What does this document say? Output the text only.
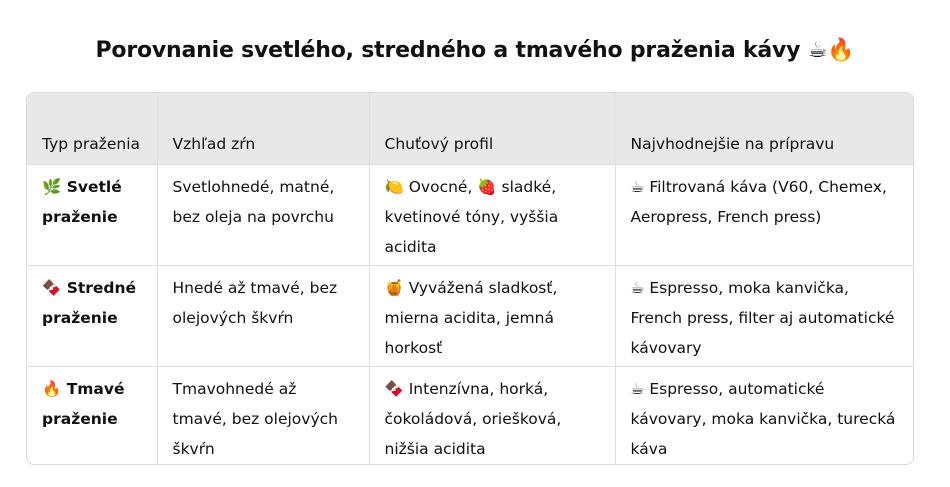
Porovnanie svetlého, stredného a tmavého praženia kávy ☕🔥
Typ praženia	Vzhľad zŕn	Chuťový profil	Najvhodnejšie na prípravu
🌿 Svetlé praženie	Svetlohnedé, matné, bez oleja na povrchu	🍋 Ovocné, 🍓 sladké, kvetinové tóny, vyššia acidita	☕ Filtrovaná káva (V60, Chemex, Aeropress, French press)
🍫 Stredné praženie	Hnedé až tmavé, bez olejových škvŕn	🍯 Vyvážená sladkosť, mierna acidita, jemná horkosť	☕ Espresso, moka kanvička, French press, filter aj automatické kávovary
🔥 Tmavé praženie	Tmavohnedé až tmavé, bez olejových škvŕn	🍫 Intenzívna, horká, čokoládová, oriešková, nižšia acidita	☕ Espresso, automatické kávovary, moka kanvička, turecká káva
